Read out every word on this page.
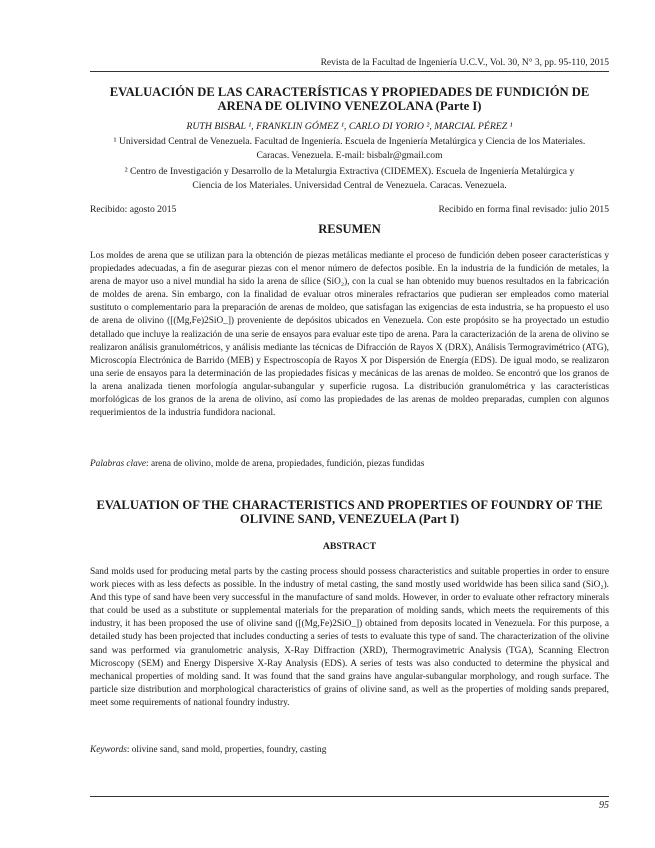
Revista de la Facultad de Ingeniería U.C.V., Vol. 30, N° 3, pp. 95-110, 2015
EVALUACIÓN DE LAS CARACTERÍSTICAS Y PROPIEDADES DE FUNDICIÓN DE ARENA DE OLIVINO VENEZOLANA (Parte I)
RUTH BISBAL ¹, FRANKLIN GÓMEZ ¹, CARLO DI YORIO ², MARCIAL PÉREZ ¹
¹ Universidad Central de Venezuela. Facultad de Ingeniería. Escuela de Ingeniería Metalúrgica y Ciencia de los Materiales. Caracas. Venezuela. E-mail: bisbalr@gmail.com
² Centro de Investigación y Desarrollo de la Metalurgia Extractiva (CIDEMEX). Escuela de Ingeniería Metalúrgica y Ciencia de los Materiales. Universidad Central de Venezuela. Caracas. Venezuela.
Recibido: agosto 2015	Recibido en forma final revisado: julio 2015
RESUMEN
Los moldes de arena que se utilizan para la obtención de piezas metálicas mediante el proceso de fundición deben poseer características y propiedades adecuadas, a fin de asegurar piezas con el menor número de defectos posible. En la industria de la fundición de metales, la arena de mayor uso a nivel mundial ha sido la arena de sílice (SiO₂), con la cual se han obtenido muy buenos resultados en la fabricación de moldes de arena. Sin embargo, con la finalidad de evaluar otros minerales refractarios que pudieran ser empleados como material sustituto o complementario para la preparación de arenas de moldeo, que satisfagan las exigencias de esta industria, se ha propuesto el uso de arena de olivino ([(Mg,Fe)2SiO_]) proveniente de depósitos ubicados en Venezuela. Con este propósito se ha proyectado un estudio detallado que incluye la realización de una serie de ensayos para evaluar este tipo de arena. Para la caracterización de la arena de olivino se realizaron análisis granulométricos, y análisis mediante las técnicas de Difracción de Rayos X (DRX), Análisis Termogravimétrico (ATG), Microscopía Electrónica de Barrido (MEB) y Espectroscopía de Rayos X por Dispersión de Energía (EDS). De igual modo, se realizaron una serie de ensayos para la determinación de las propiedades físicas y mecánicas de las arenas de moldeo. Se encontró que los granos de la arena analizada tienen morfología angular-subangular y superficie rugosa. La distribución granulométrica y las características morfológicas de los granos de la arena de olivino, así como las propiedades de las arenas de moldeo preparadas, cumplen con algunos requerimientos de la industria fundidora nacional.
Palabras clave: arena de olivino, molde de arena, propiedades, fundición, piezas fundidas
EVALUATION OF THE CHARACTERISTICS AND PROPERTIES OF FOUNDRY OF THE OLIVINE SAND, VENEZUELA (Part I)
ABSTRACT
Sand molds used for producing metal parts by the casting process should possess characteristics and suitable properties in order to ensure work pieces with as less defects as possible. In the industry of metal casting, the sand mostly used worldwide has been silica sand (SiO₂). And this type of sand have been very successful in the manufacture of sand molds. However, in order to evaluate other refractory minerals that could be used as a substitute or supplemental materials for the preparation of molding sands, which meets the requirements of this industry, it has been proposed the use of olivine sand ([(Mg,Fe)2SiO_]) obtained from deposits located in Venezuela. For this purpose, a detailed study has been projected that includes conducting a series of tests to evaluate this type of sand. The characterization of the olivine sand was performed via granulometric analysis, X-Ray Diffraction (XRD), Thermogravimetric Analysis (TGA), Scanning Electron Microscopy (SEM) and Energy Dispersive X-Ray Analysis (EDS). A series of tests was also conducted to determine the physical and mechanical properties of molding sand. It was found that the sand grains have angular-subangular morphology, and rough surface. The particle size distribution and morphological characteristics of grains of olivine sand, as well as the properties of molding sands prepared, meet some requirements of national foundry industry.
Keywords: olivine sand, sand mold, properties, foundry, casting
95
